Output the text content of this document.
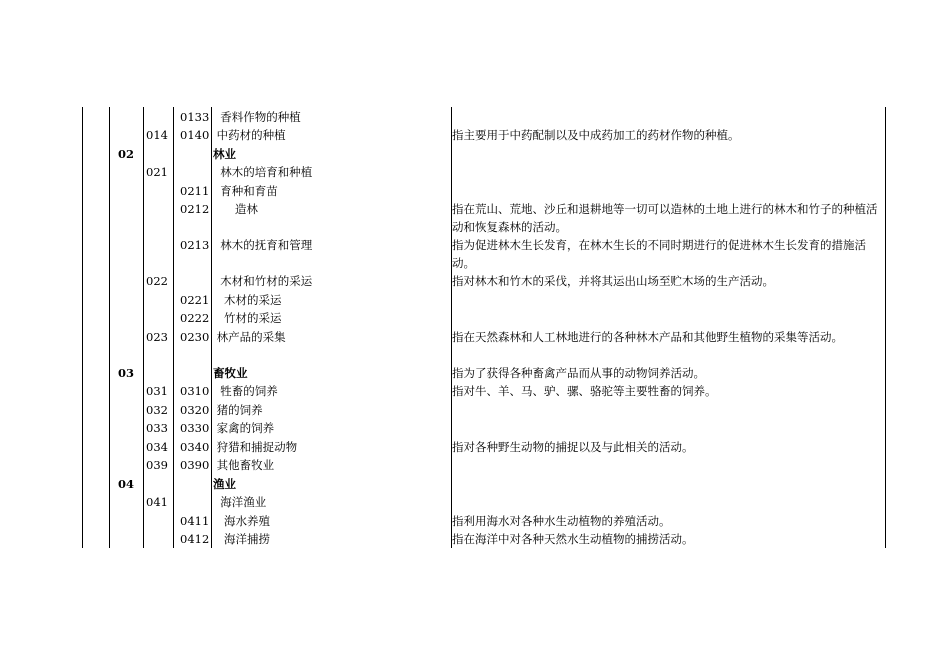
0133 香料作物的种植
014	0140 中药材的种植	指主要用于中药配制以及中成药加工的药材作物的种植。
02	林业
021	林木的培育和种植
0211 育种和育苗
0212 造林	指在荒山、荒地、沙丘和退耕地等一切可以造林的土地上进行的林木和竹子的种植活动和恢复森林的活动。
0213 林木的抚育和管理	指为促进林木生长发育，在林木生长的不同时期进行的促进林木生长发育的措施活动。
022	木材和竹材的采运	指对林木和竹木的采伐，并将其运出山场至贮木场的生产活动。
0221 木材的采运
0222 竹材的采运
023	0230 林产品的采集	指在天然森林和人工林地进行的各种林木产品和其他野生植物的采集等活动。
03	畜牧业	指为了获得各种畜禽产品而从事的动物饲养活动。
031	0310 牲畜的饲养	指对牛、羊、马、驴、骡、骆驼等主要牲畜的饲养。
032	0320 猪的饲养
033	0330 家禽的饲养
034	0340 狩猎和捕捉动物	指对各种野生动物的捕捉以及与此相关的活动。
039	0390 其他畜牧业
04	渔业
041	海洋渔业
0411 海水养殖	指利用海水对各种水生动植物的养殖活动。
0412 海洋捕捞	指在海洋中对各种天然水生动植物的捕捞活动。
